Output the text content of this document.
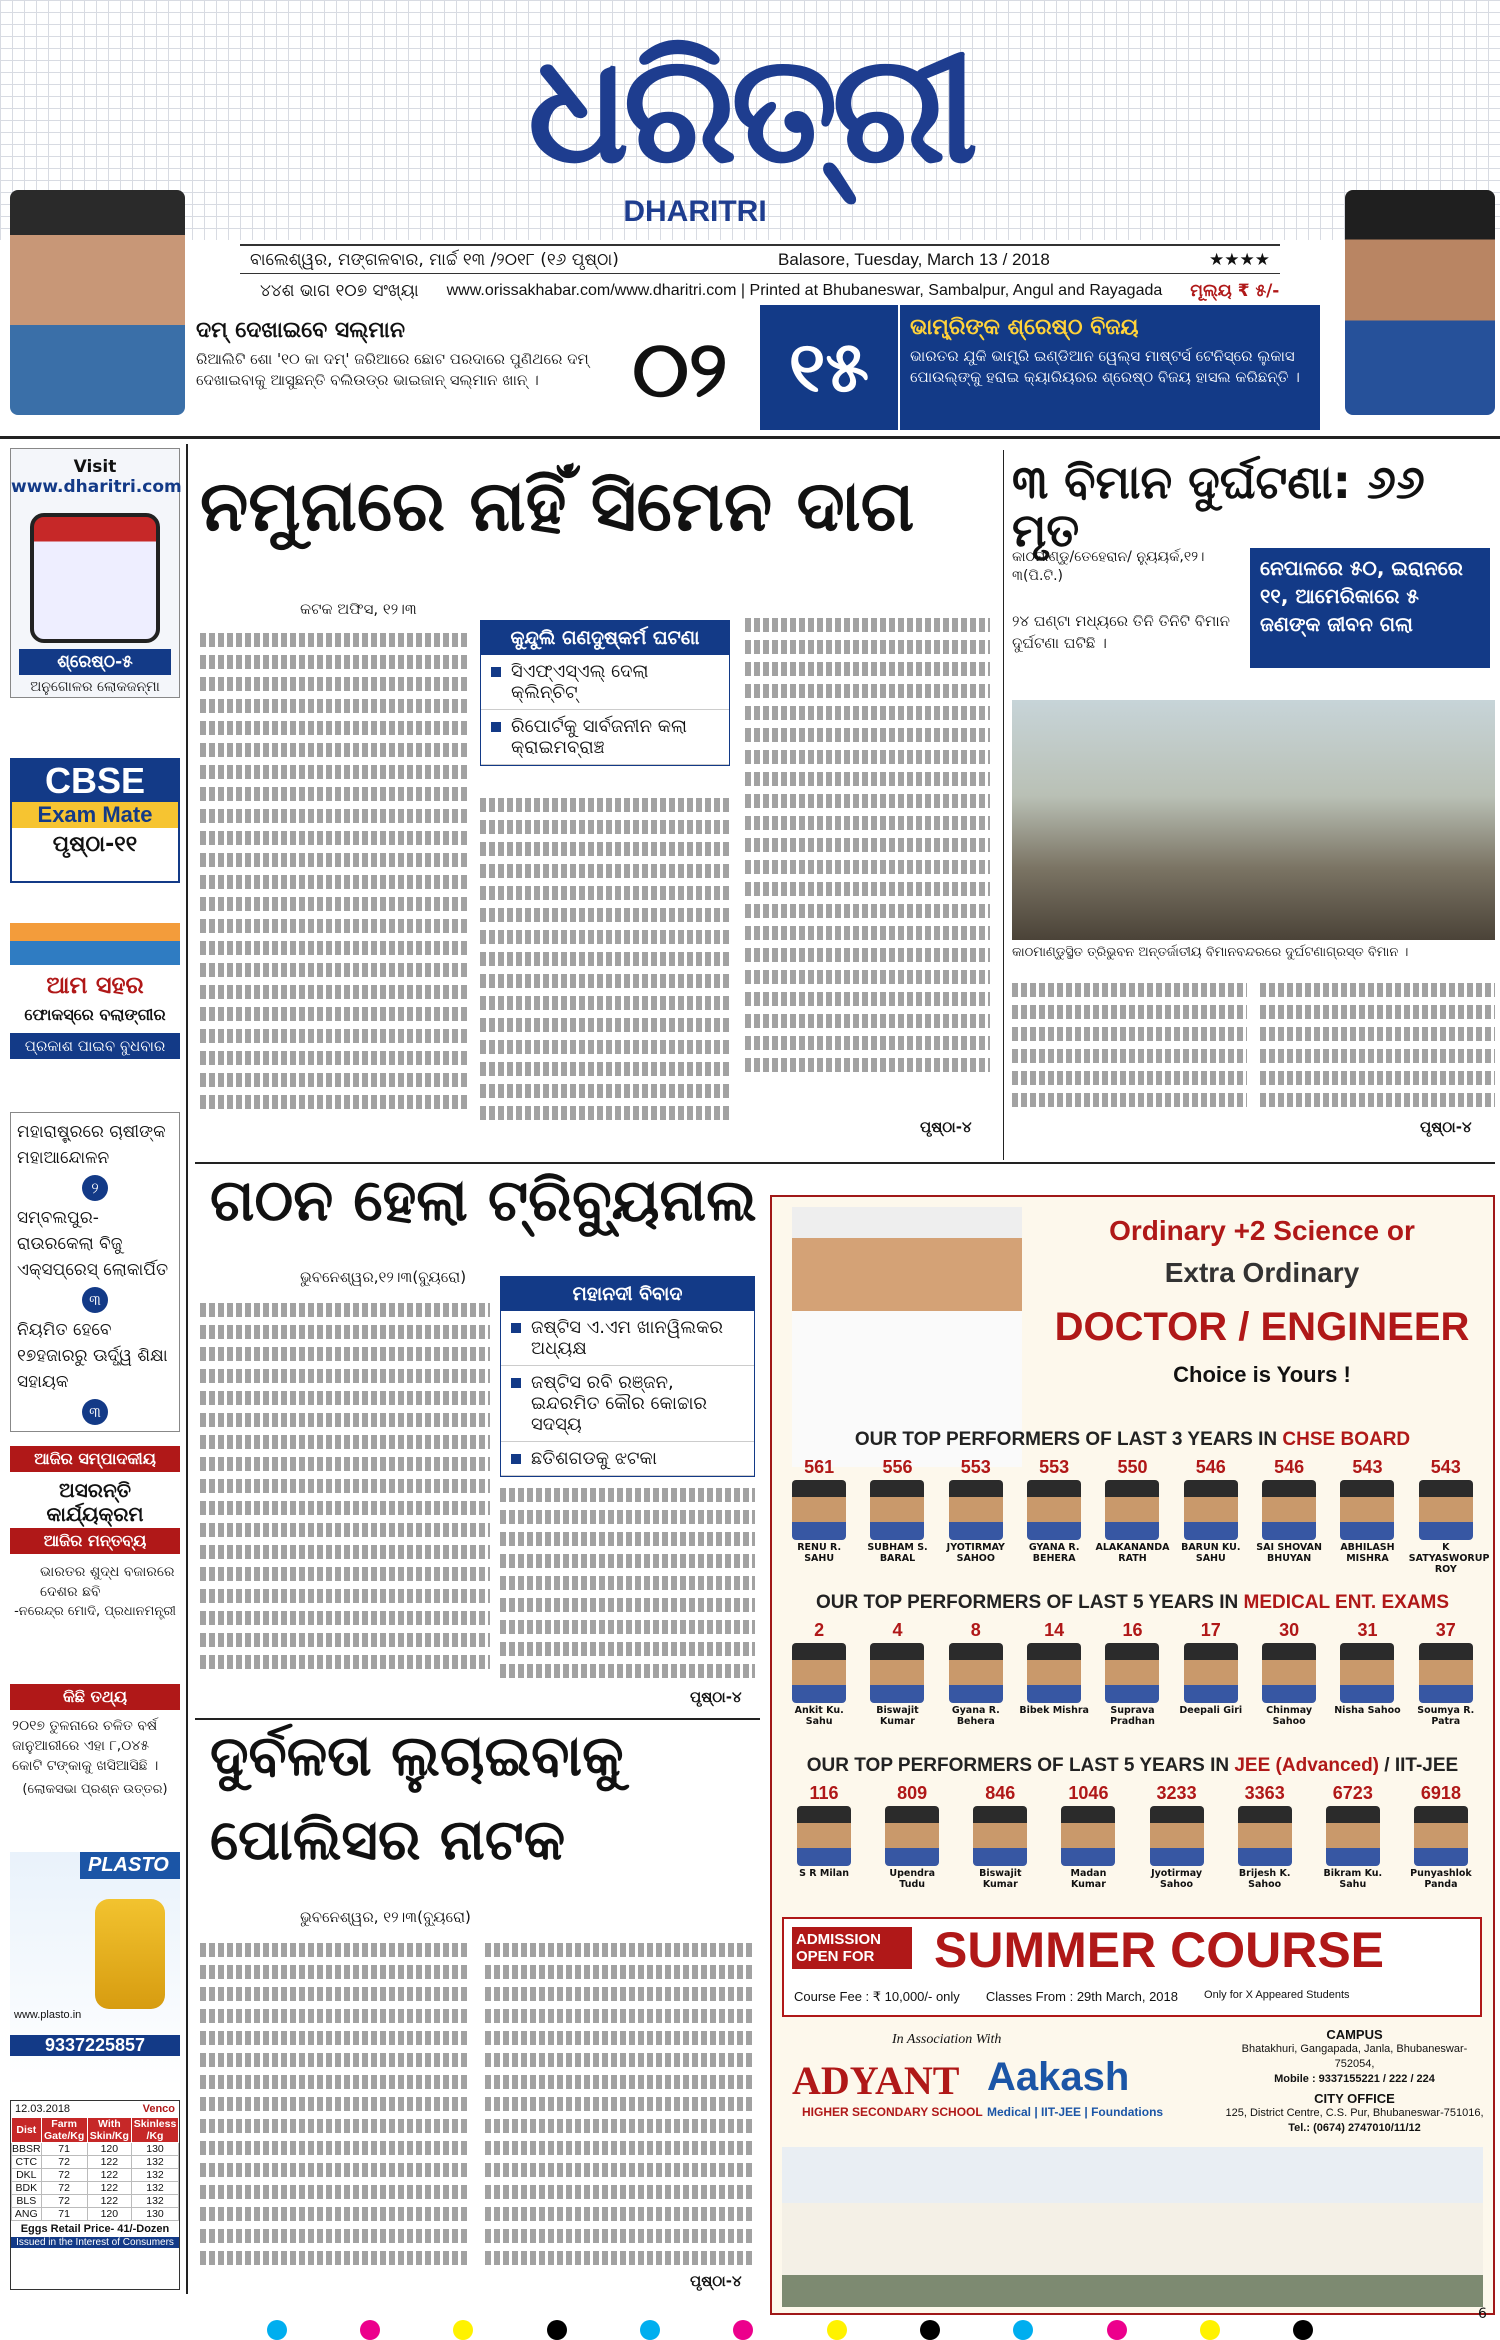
ଧରିତ୍ରୀ
DHARITRI
ବାଲେଶ୍ୱର, ମଙ୍ଗଳବାର, ମାର୍ଚ୍ଚ ୧୩ /୨୦୧୮ (୧୬ ପୃଷ୍ଠା)	Balasore, Tuesday, March 13 / 2018	★★★★
୪୪ଶ ଭାଗ ୧୦୭ ସଂଖ୍ୟା www.orissakhabar.com/www.dharitri.com | Printed at Bhubaneswar, Sambalpur, Angul and Rayagada ମୂଲ୍ୟ ₹ ୫/-
ଦମ୍ ଦେଖାଇବେ ସଲ୍‌ମାନ
ରିଆଲିଟି ଶୋ '୧୦ କା ଦମ୍' ଜରିଆରେ ଛୋଟ ପରଦାରେ ପୁଣିଥରେ ଦମ୍ ଦେଖାଇବାକୁ ଆସୁଛନ୍ତି ବଲିଉଡ୍‌ର ଭାଇଜାନ୍ ସଲ୍‌ମାନ ଖାନ୍ ।	୦୨ ୧୫	ଭାମ୍ବ୍ରିଙ୍କ ଶ୍ରେଷ୍ଠ ବିଜୟ
ଭାରତର ଯୁକି ଭାମ୍ବ୍ରି ଇଣ୍ଡିଆନ ୱେଲ୍ସ ମାଷ୍ଟର୍ସ ଟେନିସ୍‌ରେ ଲୁକାସ ପୋଉଲ୍‌ଙ୍କୁ ହରାଇ କ୍ୟାରିୟରର ଶ୍ରେଷ୍ଠ ବିଜୟ ହାସଲ କରିଛନ୍ତି ।
Visit
www.dharitri.com
ଶ୍ରେଷ୍ଠ-୫
ଅନୁଗୋଳର ଲୋକଜନ୍ମା
CBSE
Exam Mate
ପୃଷ୍ଠା-୧୧
ଆମ ସହର
ଫୋକସ୍‌ରେ ବଲାଙ୍ଗୀର
ପ୍ରକାଶ ପାଇବ ବୁଧବାର
ମହାରାଷ୍ଟ୍ରରେ ଚାଷୀଙ୍କ ମହାଆନ୍ଦୋଳନ
୨
ସମ୍ବଲପୁର-ରାଉରକେଲା ବିଜୁ ଏକ୍ସପ୍ରେସ୍ ଲୋକାର୍ପିତ
୩
ନିୟମିତ ହେବେ ୧୭ହଜାରରୁ ଊର୍ଦ୍ଧ୍ୱ ଶିକ୍ଷା ସହାୟକ
୩
ଆଜିର ସମ୍ପାଦକୀୟ
ଅସରନ୍ତି କାର୍ଯ୍ୟକ୍ରମ
ଆଜିର ମନ୍ତବ୍ୟ
ଭାରତର ଶୁଦ୍ଧ ବଜାରରେ ଦେଶର ଛବି
-ନରେନ୍ଦ୍ର ମୋଦି, ପ୍ରଧାନମନ୍ତ୍ରୀ
କିଛି ତଥ୍ୟ
୨୦୧୭ ତୁଳନାରେ ଚଳିତ ବର୍ଷ ଜାନୁଆରୀରେ ଏହା ୮,୦୪୫ କୋଟି ଟଙ୍କାକୁ ଖସିଆସିଛି ।
(ଲୋକସଭା ପ୍ରଶ୍ନ ଉତ୍ତର)
PLASTO
www.plasto.in
9337225857
12.03.2018	Venco
Dist	Farm Gate/Kg	With Skin/Kg	Skinless /Kg
BBSR	71	120	130
CTC	72	122	132
DKL	72	122	132
BDK	72	122	132
BLS	72	122	132
ANG	71	120	130
Eggs Retail Price- 41/-Dozen
Issued in the Interest of Consumers
ନମୁନାରେ ନାହିଁ ସିମେନ ଦାଗ
କଟକ ଅଫିସ, ୧୨।୩
କୁନ୍ଦୁଲି ଗଣଦୁଷ୍କର୍ମ ଘଟଣା
ସିଏଫ୍‌ଏସ୍‌ଏଲ୍ ଦେଲା କ୍ଲିନ୍‌ଚିଟ୍
ରିପୋର୍ଟକୁ ସାର୍ବଜନୀନ କଲା କ୍ରାଇମବ୍ରାଞ୍ଚ
ପୃଷ୍ଠା-୪
୩ ବିମାନ ଦୁର୍ଘଟଣା: ୬୬ ମୃତ
କାଠମାଣ୍ଡୁ/ତେହେରାନ/ ନ୍ୟୁୟର୍କ,୧୨।୩(ପି.ଟି.)	ନେପାଳରେ ୫୦, ଇରାନରେ ୧୧, ଆମେରିକାରେ ୫ ଜଣଙ୍କ ଜୀବନ ଗଲା
୨୪ ଘଣ୍ଟା ମଧ୍ୟରେ ତିନି ତିନିଟି ବିମାନ ଦୁର୍ଘଟଣା ଘଟିଛି ।
କାଠମାଣ୍ଡୁସ୍ଥିତ ତ୍ରିଭୁବନ ଅନ୍ତର୍ଜାତୀୟ ବିମାନବନ୍ଦରରେ ଦୁର୍ଘଟଣାଗ୍ରସ୍ତ ବିମାନ ।
ପୃଷ୍ଠା-୪
ଗଠନ ହେଲା ଟ୍ରିବ୍ୟୁନାଲ
ଭୁବନେଶ୍ୱର,୧୨।୩(ବ୍ୟୁରୋ)
ମହାନଦୀ ବିବାଦ
ଜଷ୍ଟିସ ଏ.ଏମ ଖାନୱିଲକର ଅଧ୍ୟକ୍ଷ
ଜଷ୍ଟିସ ରବି ରଞ୍ଜନ, ଇନ୍ଦରମିତ କୌର କୋଚ୍ଚାର ସଦସ୍ୟ
ଛତିଶଗଡକୁ ଝଟକା
ପୃଷ୍ଠା-୪
ଦୁର୍ବଳତା ଲୁଚାଇବାକୁ
ପୋଲିସର ନାଟକ
ଭୁବନେଶ୍ୱର, ୧୨।୩(ବ୍ୟୁରୋ)
ପୃଷ୍ଠା-୪
Ordinary +2 Science or
Extra Ordinary
DOCTOR / ENGINEER
Choice is Yours !
OUR TOP PERFORMERS OF LAST 3 YEARS IN CHSE BOARD
561
RENU R. SAHU
556
SUBHAM S. BARAL
553
JYOTIRMAY SAHOO
553
GYANA R. BEHERA
550
ALAKANANDA RATH
546
BARUN KU. SAHU
546
SAI SHOVAN BHUYAN
543
ABHILASH MISHRA
543
K SATYASWORUP ROY
OUR TOP PERFORMERS OF LAST 5 YEARS IN MEDICAL ENT. EXAMS
2
Ankit Ku. Sahu
4
Biswajit Kumar
8
Gyana R. Behera
14
Bibek Mishra
16
Suprava Pradhan
17
Deepali Giri
30
Chinmay Sahoo
31
Nisha Sahoo
37
Soumya R. Patra
OUR TOP PERFORMERS OF LAST 5 YEARS IN JEE (Advanced) / IIT-JEE
116
S R Milan
809
Upendra Tudu
846
Biswajit Kumar
1046
Madan Kumar
3233
Jyotirmay Sahoo
3363
Brijesh K. Sahoo
6723
Bikram Ku. Sahu
6918
Punyashlok Panda
ADMISSION OPEN FOR	SUMMER COURSE
Course Fee : ₹ 10,000/- only Classes From : 29th March, 2018 Only for X Appeared Students
In Association With
ADYANT
HIGHER SECONDARY SCHOOL
Aakash
Medical | IIT-JEE | Foundations
CAMPUS
Bhatakhuri, Gangapada, Janla, Bhubaneswar-752054,
Mobile : 9337155221 / 222 / 224
CITY OFFICE
125, District Centre, C.S. Pur, Bhubaneswar-751016,
Tel.: (0674) 2747010/11/12
6
